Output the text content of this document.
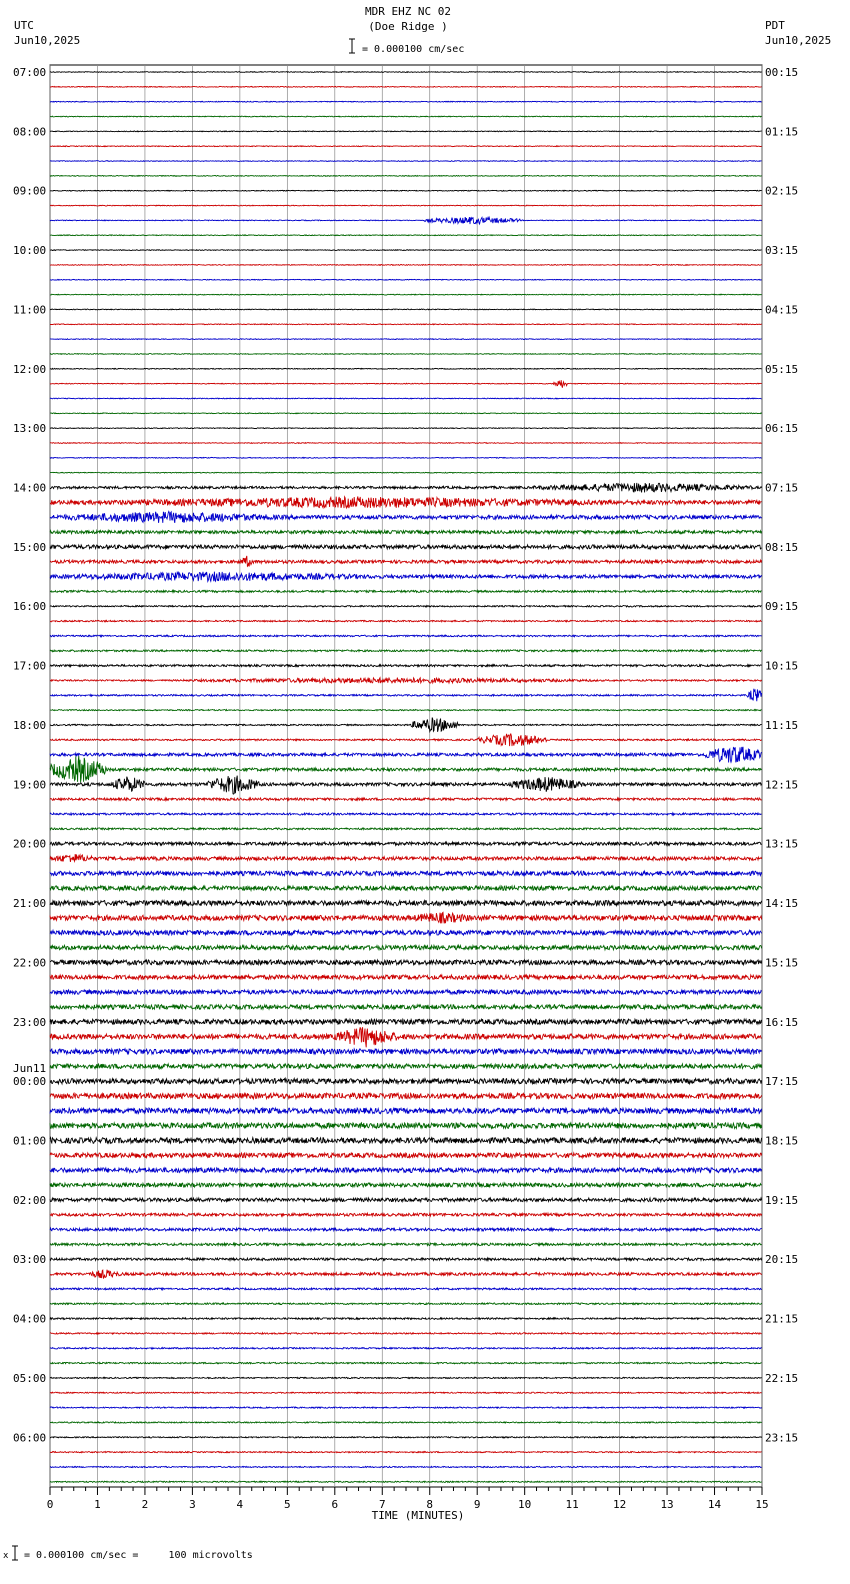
MDR EHZ NC 02
(Doe Ridge )
UTC
Jun10,2025
PDT
Jun10,2025
= 0.000100 cm/sec
07:00
08:00
09:00
10:00
11:00
12:00
13:00
14:00
15:00
16:00
17:00
18:00
19:00
20:00
21:00
22:00
23:00
00:00
01:00
02:00
03:00
04:00
05:00
06:00
00:15
01:15
02:15
03:15
04:15
05:15
06:15
07:15
08:15
09:15
10:15
11:15
12:15
13:15
14:15
15:15
16:15
17:15
18:15
19:15
20:15
21:15
22:15
23:15
Jun11
0	1	2	3	4	5	6	7	8	9	10	11	12	13	14	15
TIME (MINUTES)
x = 0.000100 cm/sec =     100 microvolts
